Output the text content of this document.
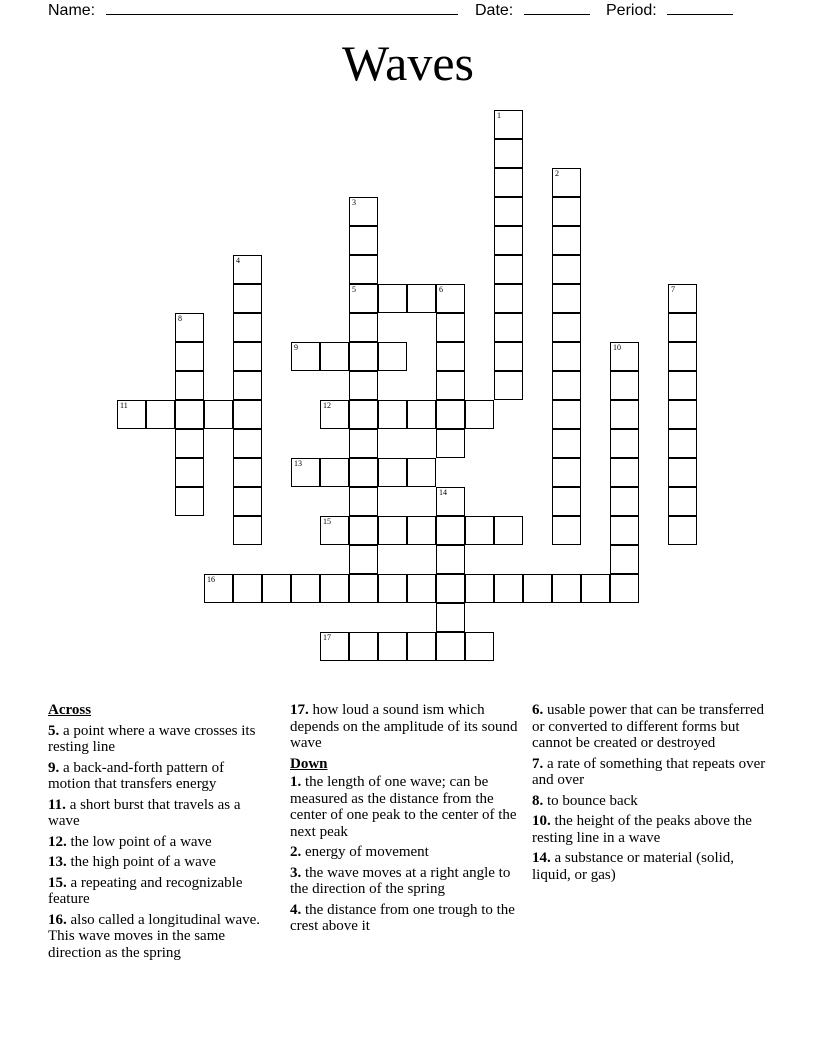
Name:	Date:	Period:
Waves
1
2
3
5
4
6	7
8
9	10
11	12
13
14
15
16
17
Across
5. a point where a wave crosses its resting line
9. a back-and-forth pattern of motion that transfers energy
11. a short burst that travels as a wave
12. the low point of a wave
13. the high point of a wave
15. a repeating and recognizable feature
16. also called a longitudinal wave. This wave moves in the same direction as the spring
17. how loud a sound ism which depends on the amplitude of its sound wave
Down
1. the length of one wave; can be measured as the distance from the center of one peak to the center of the next peak
2. energy of movement
3. the wave moves at a right angle to the direction of the spring
4. the distance from one trough to the crest above it
6. usable power that can be transferred or converted to different forms but cannot be created or destroyed
7. a rate of something that repeats over and over
8. to bounce back
10. the height of the peaks above the resting line in a wave
14. a substance or material (solid, liquid, or gas)
